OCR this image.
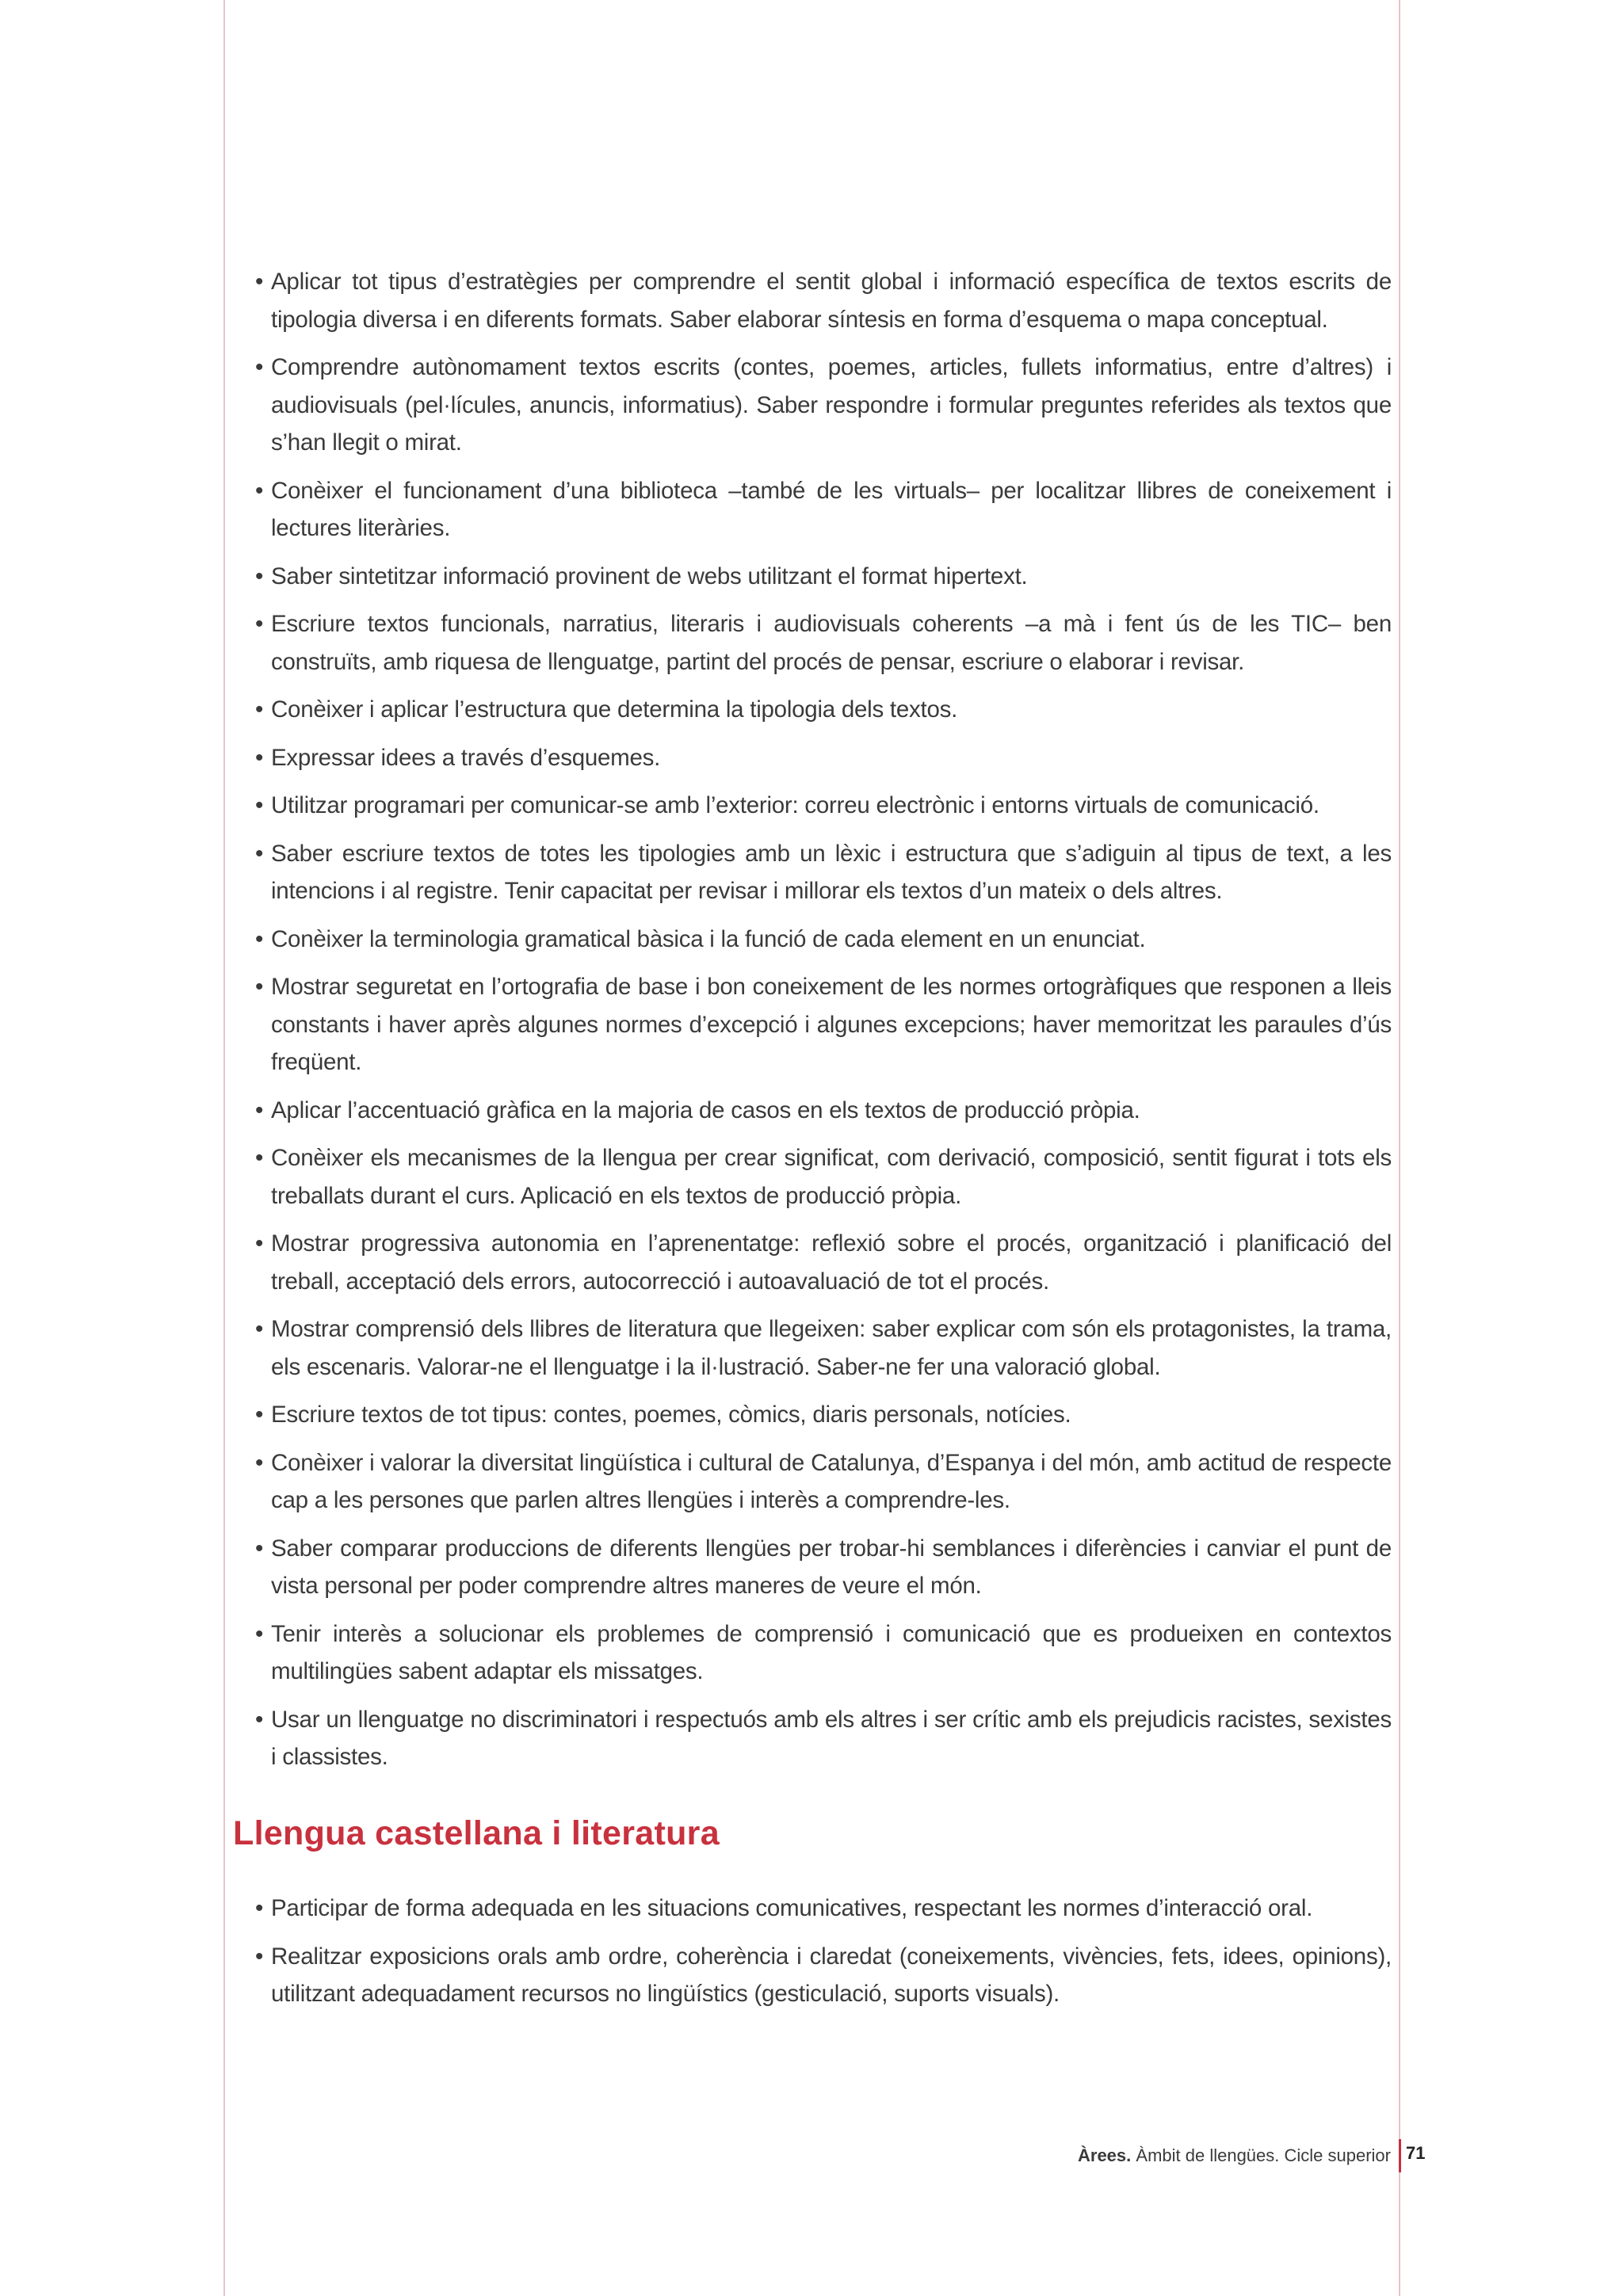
• Aplicar tot tipus d’estratègies per comprendre el sentit global i informació específica de textos escrits de tipologia diversa i en diferents formats. Saber elaborar síntesis en forma d’esquema o mapa conceptual.
• Comprendre autònomament textos escrits (contes, poemes, articles, fullets informatius, entre d’altres) i audiovisuals (pel·lícules, anuncis, informatius). Saber respondre i formular preguntes referides als textos que s’han llegit o mirat.
• Conèixer el funcionament d’una biblioteca –també de les virtuals– per localitzar llibres de coneixement i lectures literàries.
• Saber sintetitzar informació provinent de webs utilitzant el format hipertext.
• Escriure textos funcionals, narratius, literaris i audiovisuals coherents –a mà i fent ús de les TIC– ben construïts, amb riquesa de llenguatge, partint del procés de pensar, escriure o elaborar i revisar.
• Conèixer i aplicar l’estructura que determina la tipologia dels textos.
• Expressar idees a través d’esquemes.
• Utilitzar programari per comunicar-se amb l’exterior: correu electrònic i entorns virtuals de comunicació.
• Saber escriure textos de totes les tipologies amb un lèxic i estructura que s’adiguin al tipus de text, a les intencions i al registre. Tenir capacitat per revisar i millorar els textos d’un mateix o dels altres.
• Conèixer la terminologia gramatical bàsica i la funció de cada element en un enunciat.
• Mostrar seguretat en l’ortografia de base i bon coneixement de les normes ortogràfiques que responen a lleis constants i haver après algunes normes d’excepció i algunes excepcions; haver memoritzat les paraules d’ús freqüent.
• Aplicar l’accentuació gràfica en la majoria de casos en els textos de producció pròpia.
• Conèixer els mecanismes de la llengua per crear significat, com derivació, composició, sentit figurat i tots els treballats durant el curs. Aplicació en els textos de producció pròpia.
• Mostrar progressiva autonomia en l’aprenentatge: reflexió sobre el procés, organització i planificació del treball, acceptació dels errors, autocorrecció i autoavaluació de tot el procés.
• Mostrar comprensió dels llibres de literatura que llegeixen: saber explicar com són els protagonistes, la trama, els escenaris. Valorar-ne el llenguatge i la il·lustració. Saber-ne fer una valoració global.
• Escriure textos de tot tipus: contes, poemes, còmics, diaris personals, notícies.
• Conèixer i valorar la diversitat lingüística i cultural de Catalunya, d’Espanya i del món, amb actitud de respecte cap a les persones que parlen altres llengües i interès a comprendre-les.
• Saber comparar produccions de diferents llengües per trobar-hi semblances i diferències i canviar el punt de vista personal per poder comprendre altres maneres de veure el món.
• Tenir interès a solucionar els problemes de comprensió i comunicació que es produeixen en contextos multilingües sabent adaptar els missatges.
• Usar un llenguatge no discriminatori i respectuós amb els altres i ser crític amb els prejudicis racistes, sexistes i classistes.
Llengua castellana i literatura
• Participar de forma adequada en les situacions comunicatives, respectant les normes d’interacció oral.
• Realitzar exposicions orals amb ordre, coherència i claredat (coneixements, vivències, fets, idees, opinions), utilitzant adequadament recursos no lingüístics (gesticulació, suports visuals).
Àrees. Àmbit de llengües. Cicle superior 71
